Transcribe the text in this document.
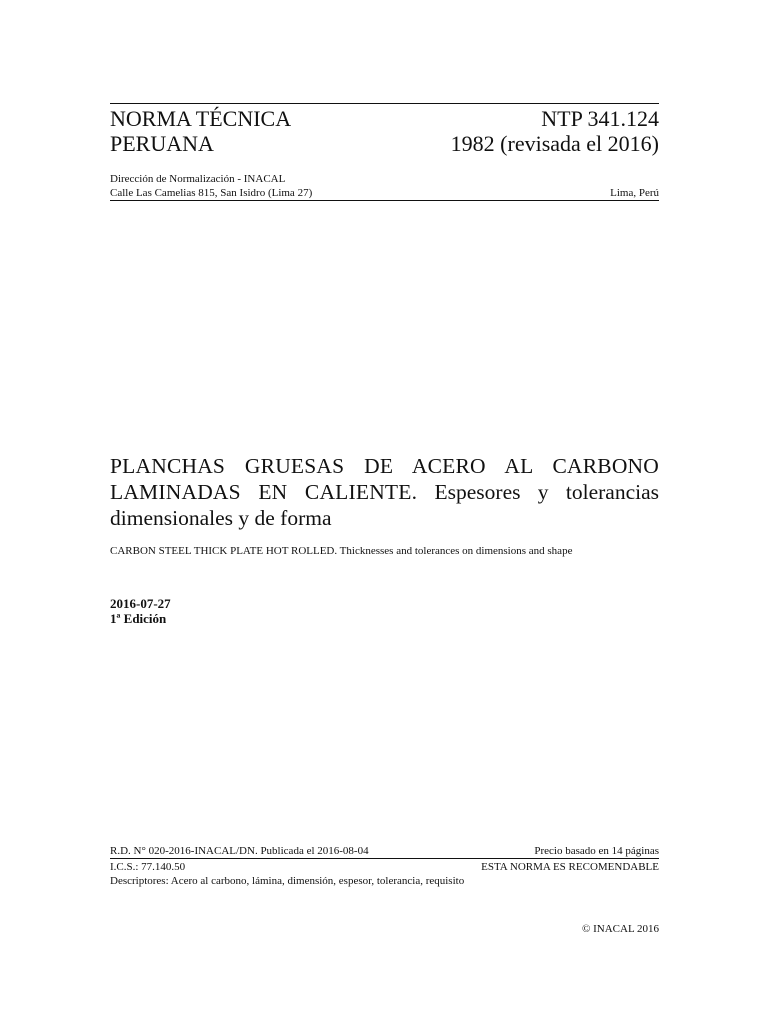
NORMA TÉCNICA	NTP 341.124
PERUANA	1982 (revisada el 2016)
Dirección de Normalización - INACAL
Calle Las Camelias 815, San Isidro (Lima 27)	Lima, Perú
PLANCHAS GRUESAS DE ACERO AL CARBONO LAMINADAS EN CALIENTE. Espesores y tolerancias dimensionales y de forma
CARBON STEEL THICK PLATE HOT ROLLED. Thicknesses and tolerances on dimensions and shape
2016-07-27
1ª Edición
R.D. N° 020-2016-INACAL/DN. Publicada el 2016-08-04	Precio basado en 14 páginas
I.C.S.: 77.140.50	ESTA NORMA ES RECOMENDABLE
Descriptores: Acero al carbono, lámina, dimensión, espesor, tolerancia, requisito
© INACAL 2016
